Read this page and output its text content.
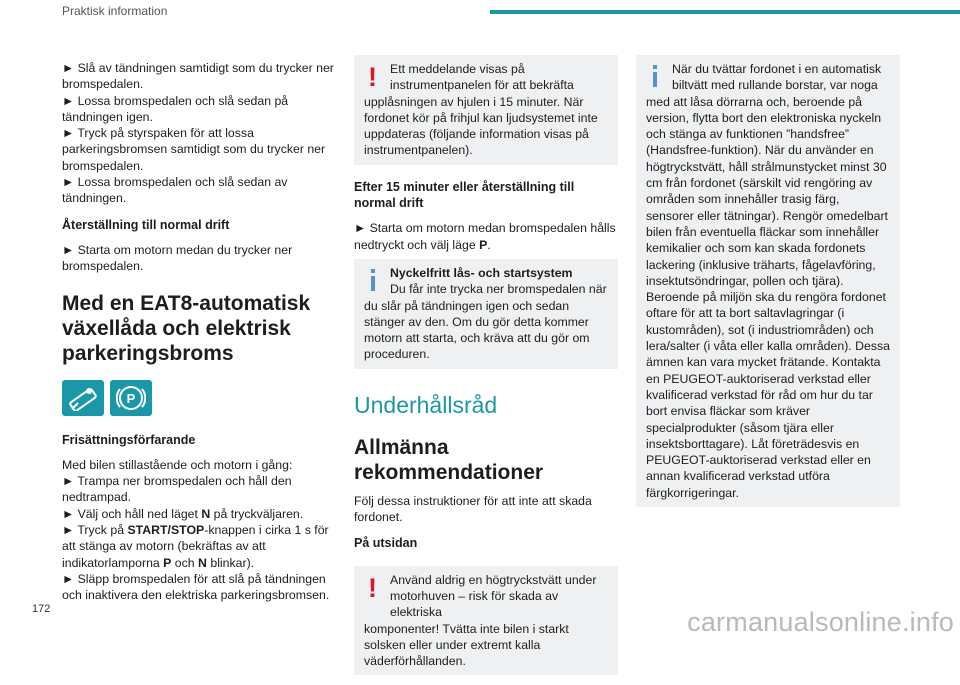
Praktisk information

► Slå av tändningen samtidigt som du trycker ner bromspedalen.

► Lossa bromspedalen och slå sedan på tändningen igen.

► Tryck på styrspaken för att lossa parkeringsbromsen samtidigt som du trycker ner bromspedalen.

► Lossa bromspedalen och slå sedan av tändningen.

Återställning till normal drift

► Starta om motorn medan du trycker ner bromspedalen.

Med en EAT8-automatisk växellåda och elektrisk parkeringsbroms
P
Frisättningsförfarande

Med bilen stillastående och motorn i gång:

► Trampa ner bromspedalen och håll den nedtrampad.

► Välj och håll ned läget N på tryckväljaren.

► Tryck på START/STOP-knappen i cirka 1 s för att stänga av motorn (bekräftas av att indikatorlamporna P och N blinkar).

► Släpp bromspedalen för att slå på tändningen och inaktivera den elektriska parkeringsbromsen.

!	Ett meddelande visas på

instrumentpanelen för att bekräfta

upplåsningen av hjulen i 15 minuter. När fordonet kör på frihjul kan ljudsystemet inte uppdateras (följande information visas på instrumentpanelen).

Efter 15 minuter eller återställning till normal drift

► Starta om motorn medan bromspedalen hålls nedtryckt och välj läge P.

Nyckelfritt lås- och startsystem

Du får inte trycka ner bromspedalen när

du slår på tändningen igen och sedan stänger av den. Om du gör detta kommer motorn att starta, och kräva att du gör om proceduren.

Underhållsråd
Allmänna rekommendationer

Följ dessa instruktioner för att inte att skada fordonet.

På utsidan
!	Använd aldrig en högtryckstvätt under

motorhuven – risk för skada av elektriska

komponenter! Tvätta inte bilen i starkt solsken eller under extremt kalla väderförhållanden.

När du tvättar fordonet i en automatisk

biltvätt med rullande borstar, var noga

med att låsa dörrarna och, beroende på version, flytta bort den elektroniska nyckeln och stänga av funktionen ”handsfree” (Handsfree-funktion). När du använder en högtryckstvätt, håll strålmunstycket minst 30 cm från fordonet (särskilt vid rengöring av områden som innehåller trasig färg, sensorer eller tätningar). Rengör omedelbart bilen från eventuella fläckar som innehåller kemikalier och som kan skada fordonets lackering (inklusive träharts, fågelavföring, insektutsöndringar, pollen och tjära). Beroende på miljön ska du rengöra fordonet oftare för att ta bort saltavlagringar (i kustområden), sot (i industriområden) och lera/salter (i våta eller kalla områden). Dessa ämnen kan vara mycket frätande. Kontakta en PEUGEOT-auktoriserad verkstad eller kvalificerad verkstad för råd om hur du tar bort envisa fläckar som kräver specialprodukter (såsom tjära eller insektsborttagare). Låt företrädesvis en PEUGEOT-auktoriserad verkstad eller en annan kvalificerad verkstad utföra färgkorrigeringar.

172	carmanualsonline.info
